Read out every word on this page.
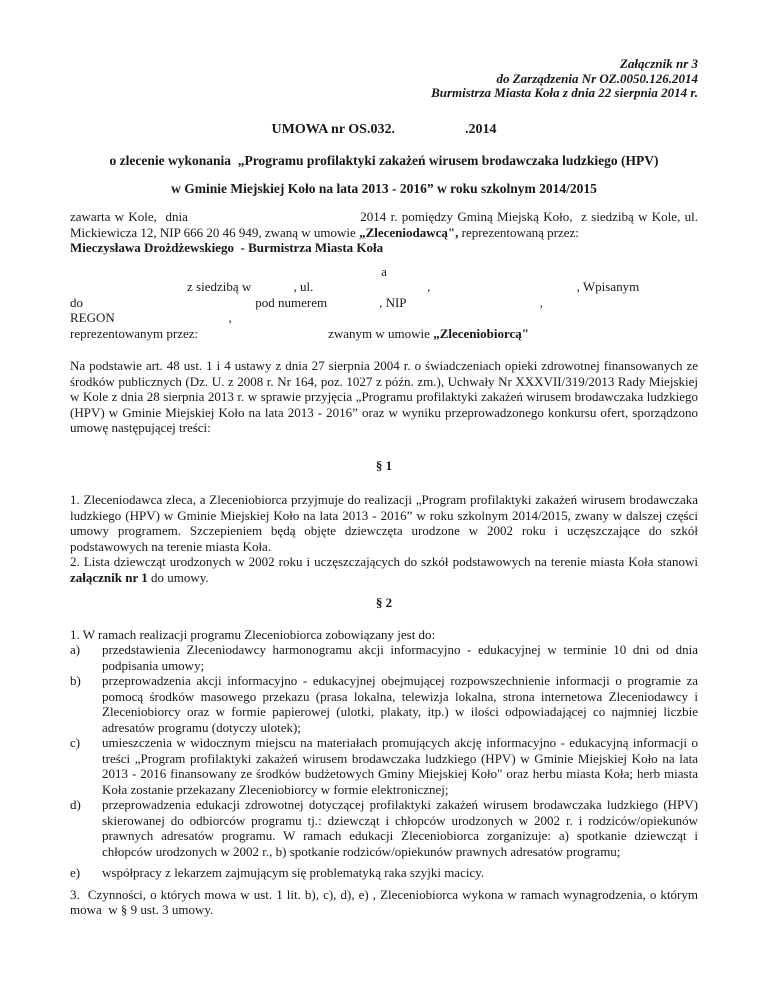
Załącznik nr 3
do Zarządzenia Nr OZ.0050.126.2014
Burmistrza Miasta Koła z dnia 22 sierpnia 2014 r.
UMOWA nr OS.032.                    .2014
o zlecenie wykonania  „Programu profilaktyki zakażeń wirusem brodawczaka ludzkiego (HPV)
w Gminie Miejskiej Koło na lata 2013 - 2016” w roku szkolnym 2014/2015

zawarta w Kole,  dnia                                        2014 r. pomiędzy Gminą Miejską Koło,  z siedzibą w Kole, ul. Mickiewicza 12, NIP 666 20 46 949, zwaną w umowie „Zleceniodawcą", reprezentowaną przez:
Mieczysława Drożdżewskiego  - Burmistrza Miasta Koła

a

z siedzibą w             , ul.                                   ,                                             , Wpisanym
do                                                     pod numerem                , NIP                                         , REGON                                   ,
reprezentowanym przez:                                        zwanym w umowie „Zleceniobiorcą"

Na podstawie art. 48 ust. 1 i 4 ustawy z dnia 27 sierpnia 2004 r. o świadczeniach opieki zdrowotnej finansowanych ze środków publicznych (Dz. U. z 2008 r. Nr 164, poz. 1027 z późn. zm.), Uchwały Nr XXXVII/319/2013 Rady Miejskiej w Kole z dnia 28 sierpnia 2013 r. w sprawie przyjęcia „Programu profilaktyki zakażeń wirusem brodawczaka ludzkiego (HPV) w Gminie Miejskiej Koło na lata 2013 - 2016” oraz w wyniku przeprowadzonego konkursu ofert, sporządzono umowę następującej treści:

§ 1

1. Zleceniodawca zleca, a Zleceniobiorca przyjmuje do realizacji „Program profilaktyki zakażeń wirusem brodawczaka ludzkiego (HPV) w Gminie Miejskiej Koło na lata 2013 - 2016” w roku szkolnym 2014/2015, zwany w dalszej części umowy programem. Szczepieniem będą objęte dziewczęta urodzone w 2002 roku i uczęszczające do szkół podstawowych na terenie miasta Koła.

2. Lista dziewcząt urodzonych w 2002 roku i uczęszczających do szkół podstawowych na terenie miasta Koła stanowi załącznik nr 1 do umowy.

§ 2

1. W ramach realizacji programu Zleceniobiorca zobowiązany jest do:

a)	przedstawienia Zleceniodawcy harmonogramu akcji informacyjno - edukacyjnej w terminie 10 dni od dnia podpisania umowy;
b)	przeprowadzenia akcji informacyjno - edukacyjnej obejmującej rozpowszechnienie informacji o programie za pomocą środków masowego przekazu (prasa lokalna, telewizja lokalna, strona internetowa Zleceniodawcy i Zleceniobiorcy oraz w formie papierowej (ulotki, plakaty, itp.) w ilości odpowiadającej co najmniej liczbie adresatów programu (dotyczy ulotek);
c)	umieszczenia w widocznym miejscu na materiałach promujących akcję informacyjno - edukacyjną informacji o treści „Program profilaktyki zakażeń wirusem brodawczaka ludzkiego (HPV) w Gminie Miejskiej Koło na lata 2013 - 2016 finansowany ze środków budżetowych Gminy Miejskiej Koło" oraz herbu miasta Koła; herb miasta Koła zostanie przekazany Zleceniobiorcy w formie elektronicznej;
d)	przeprowadzenia edukacji zdrowotnej dotyczącej profilaktyki zakażeń wirusem brodawczaka ludzkiego (HPV) skierowanej do odbiorców programu tj.: dziewcząt i chłopców urodzonych w 2002 r. i rodziców/opiekunów prawnych adresatów programu. W ramach edukacji Zleceniobiorca zorganizuje: a) spotkanie dziewcząt i chłopców urodzonych w 2002 r., b) spotkanie rodziców/opiekunów prawnych adresatów programu;
e)	współpracy z lekarzem zajmującym się problematyką raka szyjki macicy.

3.  Czynności, o których mowa w ust. 1 lit. b), c), d), e) , Zleceniobiorca wykona w ramach wynagrodzenia, o którym mowa  w § 9 ust. 3 umowy.
